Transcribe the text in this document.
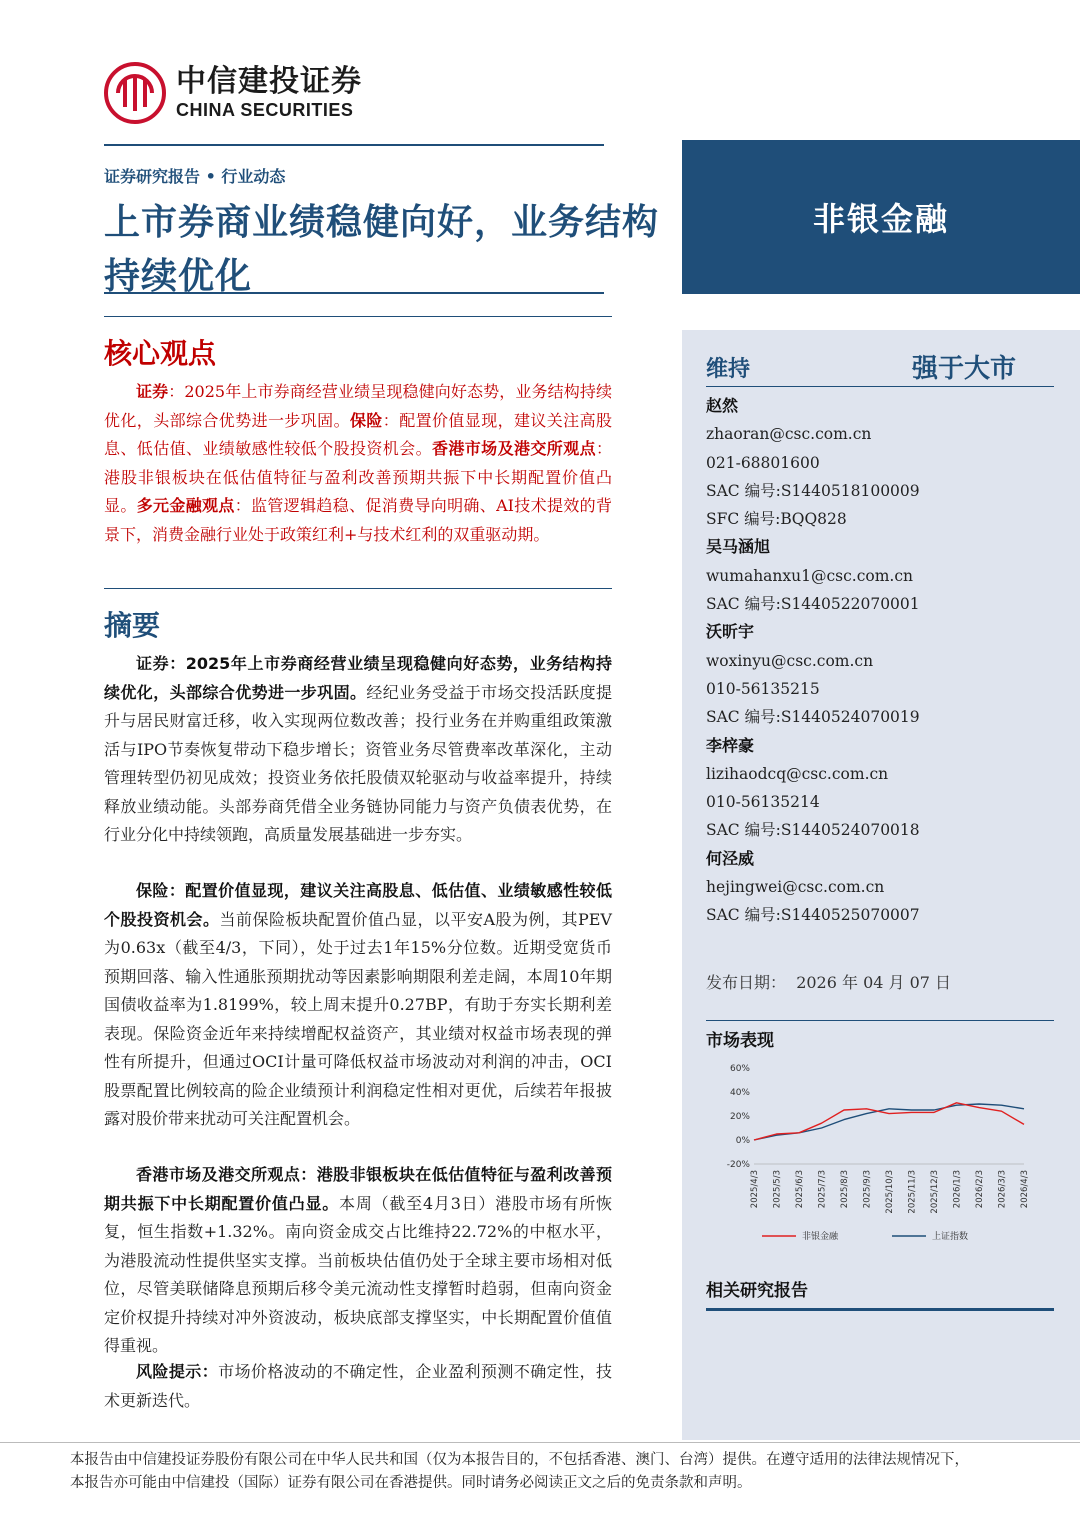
中信建投证券
CHINA SECURITIES
证券研究报告 • 行业动态
上市券商业绩稳健向好，业务结构持续优化
核心观点
证券：2025年上市券商经营业绩呈现稳健向好态势，业务结构持续优化，头部综合优势进一步巩固。保险：配置价值显现，建议关注高股息、低估值、业绩敏感性较低个股投资机会。香港市场及港交所观点：港股非银板块在低估值特征与盈利改善预期共振下中长期配置价值凸显。多元金融观点：监管逻辑趋稳、促消费导向明确、AI技术提效的背景下，消费金融行业处于政策红利+与技术红利的双重驱动期。
摘要
证券：2025年上市券商经营业绩呈现稳健向好态势，业务结构持续优化，头部综合优势进一步巩固。经纪业务受益于市场交投活跃度提升与居民财富迁移，收入实现两位数改善；投行业务在并购重组政策激活与IPO节奏恢复带动下稳步增长；资管业务尽管费率改革深化，主动管理转型仍初见成效；投资业务依托股债双轮驱动与收益率提升，持续释放业绩动能。头部券商凭借全业务链协同能力与资产负债表优势，在行业分化中持续领跑，高质量发展基础进一步夯实。
保险：配置价值显现，建议关注高股息、低估值、业绩敏感性较低个股投资机会。当前保险板块配置价值凸显，以平安A股为例，其PEV为0.63x（截至4/3，下同），处于过去1年15%分位数。近期受宽货币预期回落、输入性通胀预期扰动等因素影响期限利差走阔，本周10年期国债收益率为1.8199%，较上周末提升0.27BP，有助于夯实长期利差表现。保险资金近年来持续增配权益资产，其业绩对权益市场表现的弹性有所提升，但通过OCI计量可降低权益市场波动对利润的冲击，OCI股票配置比例较高的险企业绩预计利润稳定性相对更优，后续若年报披露对股价带来扰动可关注配置机会。
香港市场及港交所观点：港股非银板块在低估值特征与盈利改善预期共振下中长期配置价值凸显。本周（截至4月3日）港股市场有所恢复，恒生指数+1.32%。南向资金成交占比维持22.72%的中枢水平，为港股流动性提供坚实支撑。当前板块估值仍处于全球主要市场相对低位，尽管美联储降息预期后移令美元流动性支撑暂时趋弱，但南向资金定价权提升持续对冲外资波动，板块底部支撑坚实，中长期配置价值值得重视。
风险提示：市场价格波动的不确定性，企业盈利预测不确定性，技术更新迭代。
非银金融
维持	强于大市
赵然
zhaoran@csc.com.cn
021-68801600
SAC 编号:S1440518100009
SFC 编号:BQQ828
吴马涵旭
wumahanxu1@csc.com.cn
SAC 编号:S1440522070001
沃昕宇
woxinyu@csc.com.cn
010-56135215
SAC 编号:S1440524070019
李梓豪
lizihaodcq@csc.com.cn
010-56135214
SAC 编号:S1440524070018
何泾威
hejingwei@csc.com.cn
SAC 编号:S1440525070007
发布日期： 2026 年 04 月 07 日
市场表现
60%
40%
20%
0%
-20%
2025/4/3 2025/5/3 2025/6/3 2025/7/3 2025/8/3 2025/9/3 2025/10/3 2025/11/3 2025/12/3 2026/1/3 2026/2/3 2026/3/3 2026/4/3
非银金融	上证指数
相关研究报告
本报告由中信建投证券股份有限公司在中华人民共和国（仅为本报告目的，不包括香港、澳门、台湾）提供。在遵守适用的法律法规情况下，
本报告亦可能由中信建投（国际）证券有限公司在香港提供。同时请务必阅读正文之后的免责条款和声明。
